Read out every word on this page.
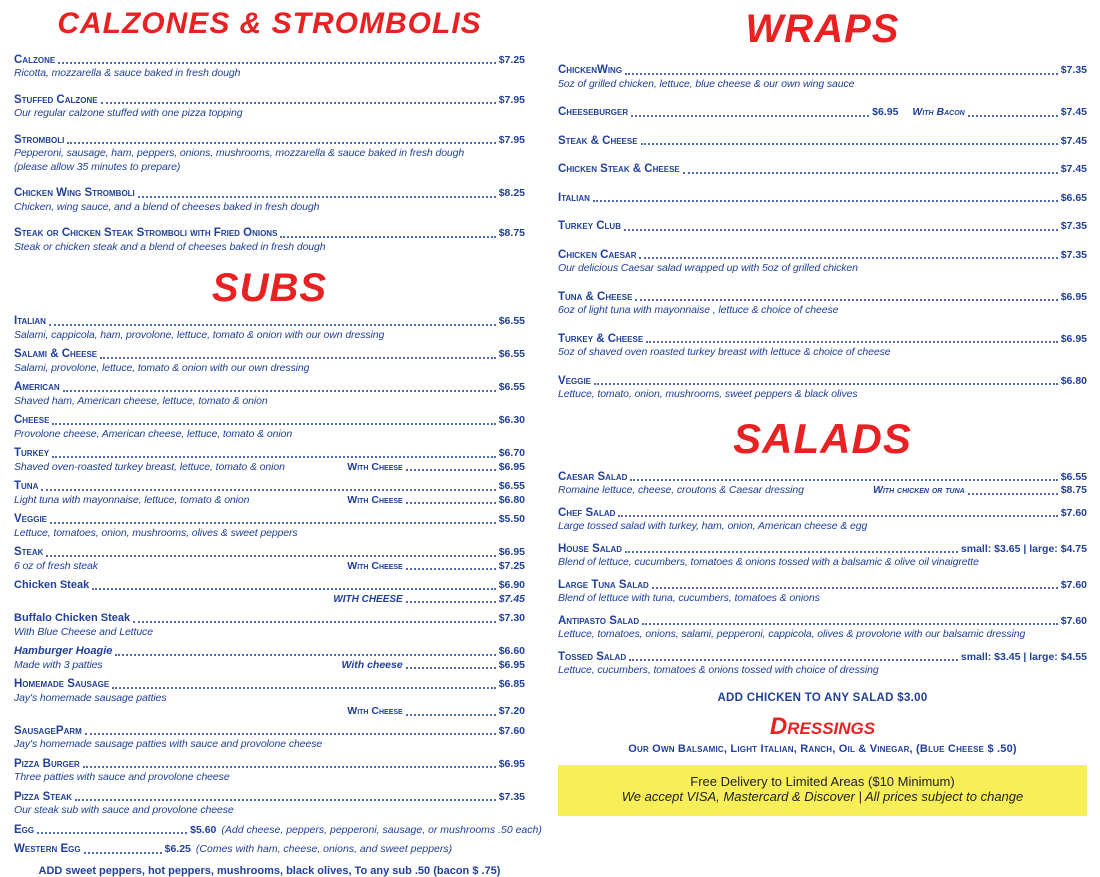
CALZONES & STROMBOLIS
Calzone	$7.25
Ricotta, mozzarella & sauce baked in fresh dough
Stuffed Calzone	$7.95
Our regular calzone stuffed with one pizza topping
Stromboli	$7.95
Pepperoni, sausage, ham, peppers, onions, mushrooms, mozzarella & sauce baked in fresh dough
(please allow 35 minutes to prepare)
Chicken Wing Stromboli	$8.25
Chicken, wing sauce, and a blend of cheeses baked in fresh dough
Steak or Chicken Steak Stromboli with Fried Onions	$8.75
Steak or chicken steak and a blend of cheeses baked in fresh dough
SUBS
Italian	$6.55
Salami, cappicola, ham, provolone, lettuce, tomato & onion with our own dressing
Salami & Cheese	$6.55
Salami, provolone, lettuce, tomato & onion with our own dressing
American	$6.55
Shaved ham, American cheese, lettuce, tomato & onion
Cheese	$6.30
Provolone cheese, American cheese, lettuce, tomato & onion
Turkey	$6.70
Shaved oven-roasted turkey breast, lettuce, tomato & onion	With Cheese	$6.95
Tuna	$6.55
Light tuna with mayonnaise, lettuce, tomato & onion	With Cheese	$6.80
Veggie	$5.50
Lettuce, tomatoes, onion, mushrooms, olives & sweet peppers
Steak	$6.95
6 oz of fresh steak	With Cheese	$7.25
Chicken Steak	$6.90
WITH CHEESE	$7.45
Buffalo Chicken Steak	$7.30
With Blue Cheese and Lettuce
Hamburger Hoagie	$6.60
Made with 3 patties	With cheese	$6.95
Homemade Sausage	$6.85
Jay's homemade sausage patties
With Cheese	$7.20
SausageParm	$7.60
Jay's homemade sausage patties with sauce and provolone cheese
Pizza Burger	$6.95
Three patties with sauce and provolone cheese
Pizza Steak	$7.35
Our steak sub with sauce and provolone cheese
Egg	$5.60 (Add cheese, peppers, pepperoni, sausage, or mushrooms .50 each)
Western Egg	$6.25 (Comes with ham, cheese, onions, and sweet peppers)
ADD sweet peppers, hot peppers, mushrooms, black olives, To any sub .50 (bacon $ .75)
WRAPS
ChickenWing	$7.35
5oz of grilled chicken, lettuce, blue cheese & our own wing sauce
Cheeseburger	$6.95 With Bacon	$7.45
Steak & Cheese	$7.45
Chicken Steak & Cheese	$7.45
Italian	$6.65
Turkey Club	$7.35
Chicken Caesar	$7.35
Our delicious Caesar salad wrapped up with 5oz of grilled chicken
Tuna & Cheese	$6.95
6oz of light tuna with mayonnaise , lettuce & choice of cheese
Turkey & Cheese	$6.95
5oz of shaved oven roasted turkey breast with lettuce & choice of cheese
Veggie	$6.80
Lettuce, tomato, onion, mushrooms, sweet peppers & black olives
SALADS
Caesar Salad	$6.55
Romaine lettuce, cheese, croutons & Caesar dressing	With chicken or tuna	$8.75
Chef Salad	$7.60
Large tossed salad with turkey, ham, onion, American cheese & egg
House Salad	small: $3.65 | large: $4.75
Blend of lettuce, cucumbers, tomatoes & onions tossed with a balsamic & olive oil vinaigrette
Large Tuna Salad	$7.60
Blend of lettuce with tuna, cucumbers, tomatoes & onions
Antipasto Salad	$7.60
Lettuce, tomatoes, onions, salami, pepperoni, cappicola, olives & provolone with our balsamic dressing
Tossed Salad	small: $3.45 | large: $4.55
Lettuce, cucumbers, tomatoes & onions tossed with choice of dressing
ADD CHICKEN TO ANY SALAD $3.00
Dressings
Our Own Balsamic, Light Italian, Ranch, Oil & Vinegar, (Blue Cheese $ .50)
Free Delivery to Limited Areas ($10 Minimum)
We accept VISA, Mastercard & Discover | All prices subject to change
